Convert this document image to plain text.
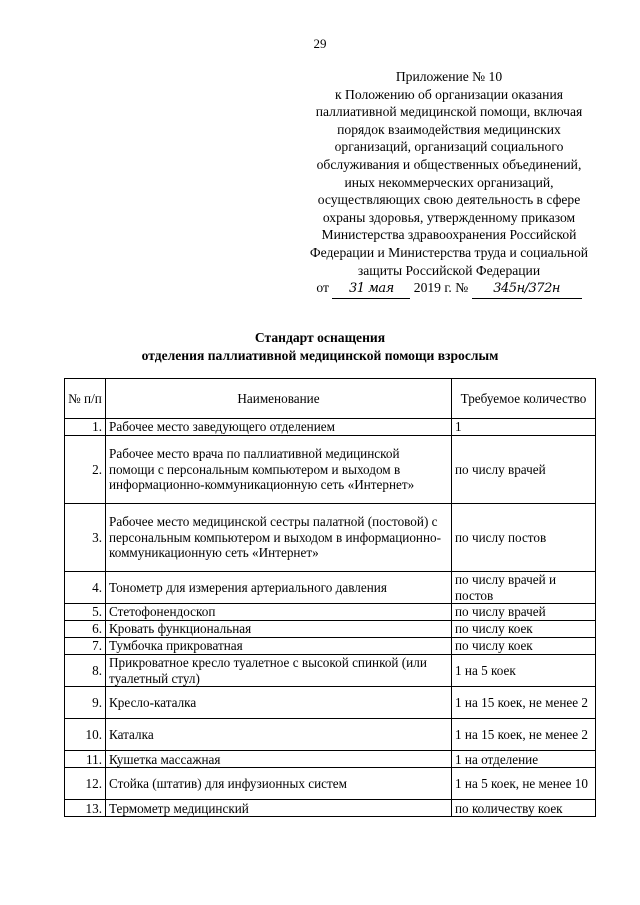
29
Приложение № 10
к Положению об организации оказания
паллиативной медицинской помощи, включая
порядок взаимодействия медицинских
организаций, организаций социального
обслуживания и общественных объединений,
иных некоммерческих организаций,
осуществляющих свою деятельность в сфере
охраны здоровья, утвержденному приказом
Министерства здравоохранения Российской
Федерации и Министерства труда и социальной
защиты Российской Федерации
от 31 мая 2019 г. № 345н/372н
Стандарт оснащения
отделения паллиативной медицинской помощи взрослым
№ п/п	Наименование	Требуемое количество
1.	Рабочее место заведующего отделением	1
2.	Рабочее место врача по паллиативной медицинской помощи с персональным компьютером и выходом в информационно-коммуникационную сеть «Интернет»	по числу врачей
3.	Рабочее место медицинской сестры палатной (постовой) с персональным компьютером и выходом в информационно-коммуникационную сеть «Интернет»	по числу постов
4.	Тонометр для измерения артериального давления	по числу врачей и постов
5.	Стетофонендоскоп	по числу врачей
6.	Кровать функциональная	по числу коек
7.	Тумбочка прикроватная	по числу коек
8.	Прикроватное кресло туалетное с высокой спинкой (или туалетный стул)	1 на 5 коек
9.	Кресло-каталка	1 на 15 коек, не менее 2
10.	Каталка	1 на 15 коек, не менее 2
11.	Кушетка массажная	1 на отделение
12.	Стойка (штатив) для инфузионных систем	1 на 5 коек, не менее 10
13.	Термометр медицинский	по количеству коек
